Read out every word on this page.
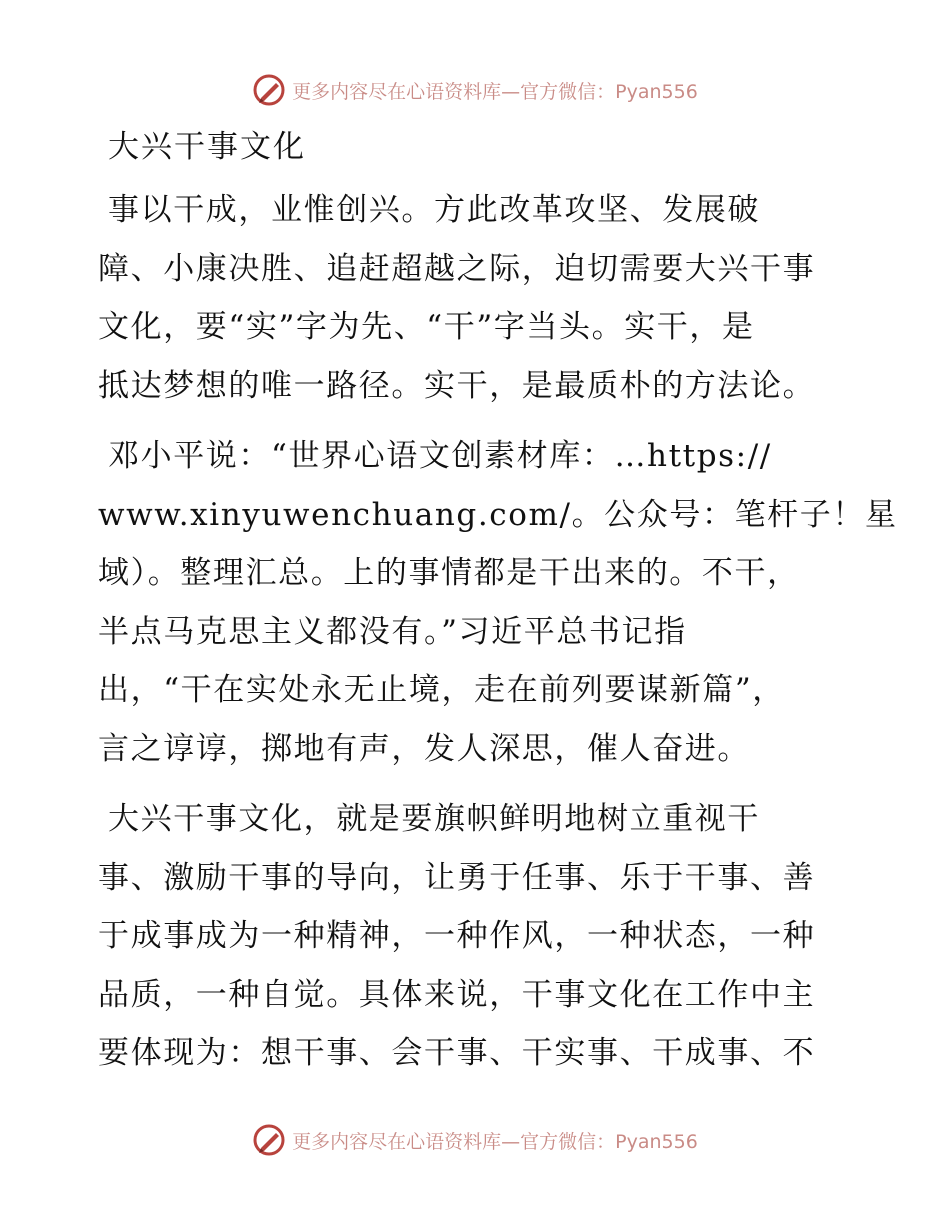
更多内容尽在心语资料库—官方微信：Pyan556
大兴干事文化
事以干成，业惟创兴。方此改革攻坚、发展破
障、小康决胜、追赶超越之际，迫切需要大兴干事
文化，要“实”字为先、“干”字当头。实干，是
抵达梦想的唯一路径。实干，是最质朴的方法论。
邓小平说：“世界心语文创素材库：…https://
www.xinyuwenchuang.com/。公众号：笔杆子！星
域）。整理汇总。上的事情都是干出来的。不干，
半点马克思主义都没有。”习近平总书记指
出，“干在实处永无止境，走在前列要谋新篇”，
言之谆谆，掷地有声，发人深思，催人奋进。
大兴干事文化，就是要旗帜鲜明地树立重视干
事、激励干事的导向，让勇于任事、乐于干事、善
于成事成为一种精神，一种作风，一种状态，一种
品质，一种自觉。具体来说，干事文化在工作中主
要体现为：想干事、会干事、干实事、干成事、不
更多内容尽在心语资料库—官方微信：Pyan556
